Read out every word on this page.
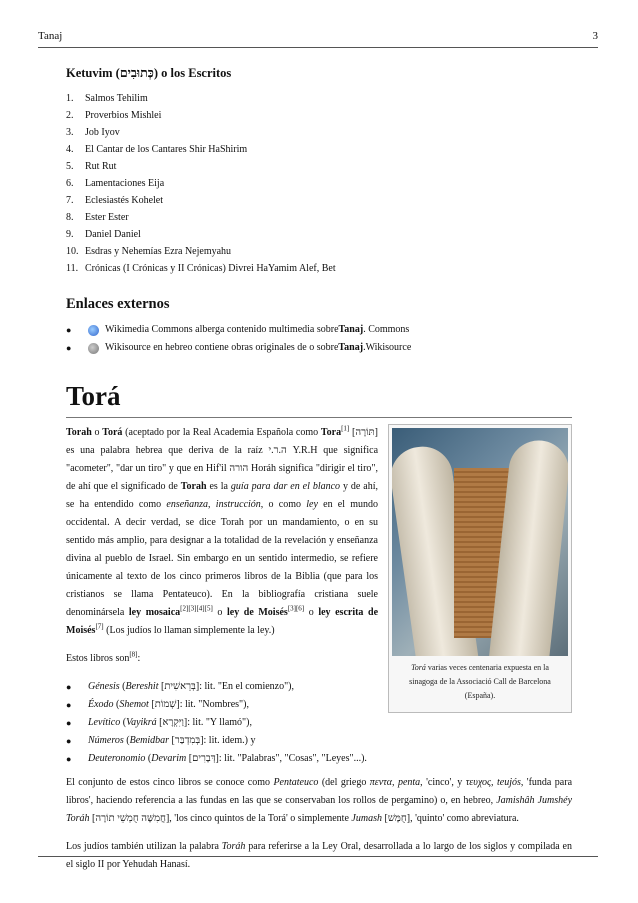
Tanaj	3
Ketuvim (כְּתוּבִים) o los Escritos
1.
	Salmos Tehilim
2.
	Proverbios Mishlei
3.
	Job Iyov
4.
	El Cantar de los Cantares Shir HaShirim
5.
	Rut Rut
6.
	Lamentaciones Eija
7.
	Eclesiastés Kohelet
8.
	Ester Ester
9.
	Daniel Daniel
10.
Esdras y Nehemías Ezra Nejemyahu
11.
Crónicas (I Crónicas y II Crónicas) Divrei HaYamim Alef, Bet
Enlaces externos
●	Wikimedia Commons alberga contenido multimedia sobre Tanaj . Commons
●	Wikisource en hebreo contiene obras originales de o sobre Tanaj .Wikisource
Torá

Torah o Torá (aceptado por la Real Academia Española como Tora[1] [תּוֹרָה] es una palabra hebrea que deriva de la raíz ה.ר.י Y.R.H que significa "acometer", "dar un tiro" y que en Hif'il הורה Horáh significa "dirigir el tiro", de ahí que el significado de Torah es la guía para dar en el blanco y de ahí, se ha entendido como enseñanza, instrucción, o como ley en el mundo occidental. A decir verdad, se dice Torah por un mandamiento, o en su sentido más amplio, para designar a la totalidad de la revelación y enseñanza divina al pueblo de Israel. Sin embargo en un sentido intermedio, se refiere únicamente al texto de los cinco primeros libros de la Biblia (que para los cristianos se llama Pentateuco). En la bibliografía cristiana suele denominársela ley mosaica[2][3][4][5] o ley de Moisés[3][6] o ley escrita de Moisés[7] (Los judíos lo llaman simplemente la ley.)

Estos libros son[8]:

Torá varias veces centenaria expuesta en la sinagoga de la Associació Call de Barcelona (España).
●	Génesis (Bereshit [בְּרֵאשִׁית]: lit. "En el comienzo"),
●	Éxodo (Shemot [שְׁמוֹת]: lit. "Nombres"),
●	Levítico (Vayikrá [וַיִּקְרָא]: lit. "Y llamó"),
●	Números (Bemidbar [בְּמִדְבַּר]: lit. idem.) y
●	Deuteronomio (Devarim [דְּבָרִים]: lit. "Palabras", "Cosas", "Leyes"...).

El conjunto de estos cinco libros se conoce como Pentateuco (del griego πεντα, penta, 'cinco', y τευχος, teujós, 'funda para libros', haciendo referencia a las fundas en las que se conservaban los rollos de pergamino) o, en hebreo, Jamishâh Jumshéy Toráh [חֲמִשָּׁה חֻמְשֵׁי תוֹרָה], 'los cinco quintos de la Torá' o simplemente Jumash [חֻמָּשׁ], 'quinto' como abreviatura.

Los judíos también utilizan la palabra Toráh para referirse a la Ley Oral, desarrollada a lo largo de los siglos y compilada en el siglo II por Yehudah Hanasí.
